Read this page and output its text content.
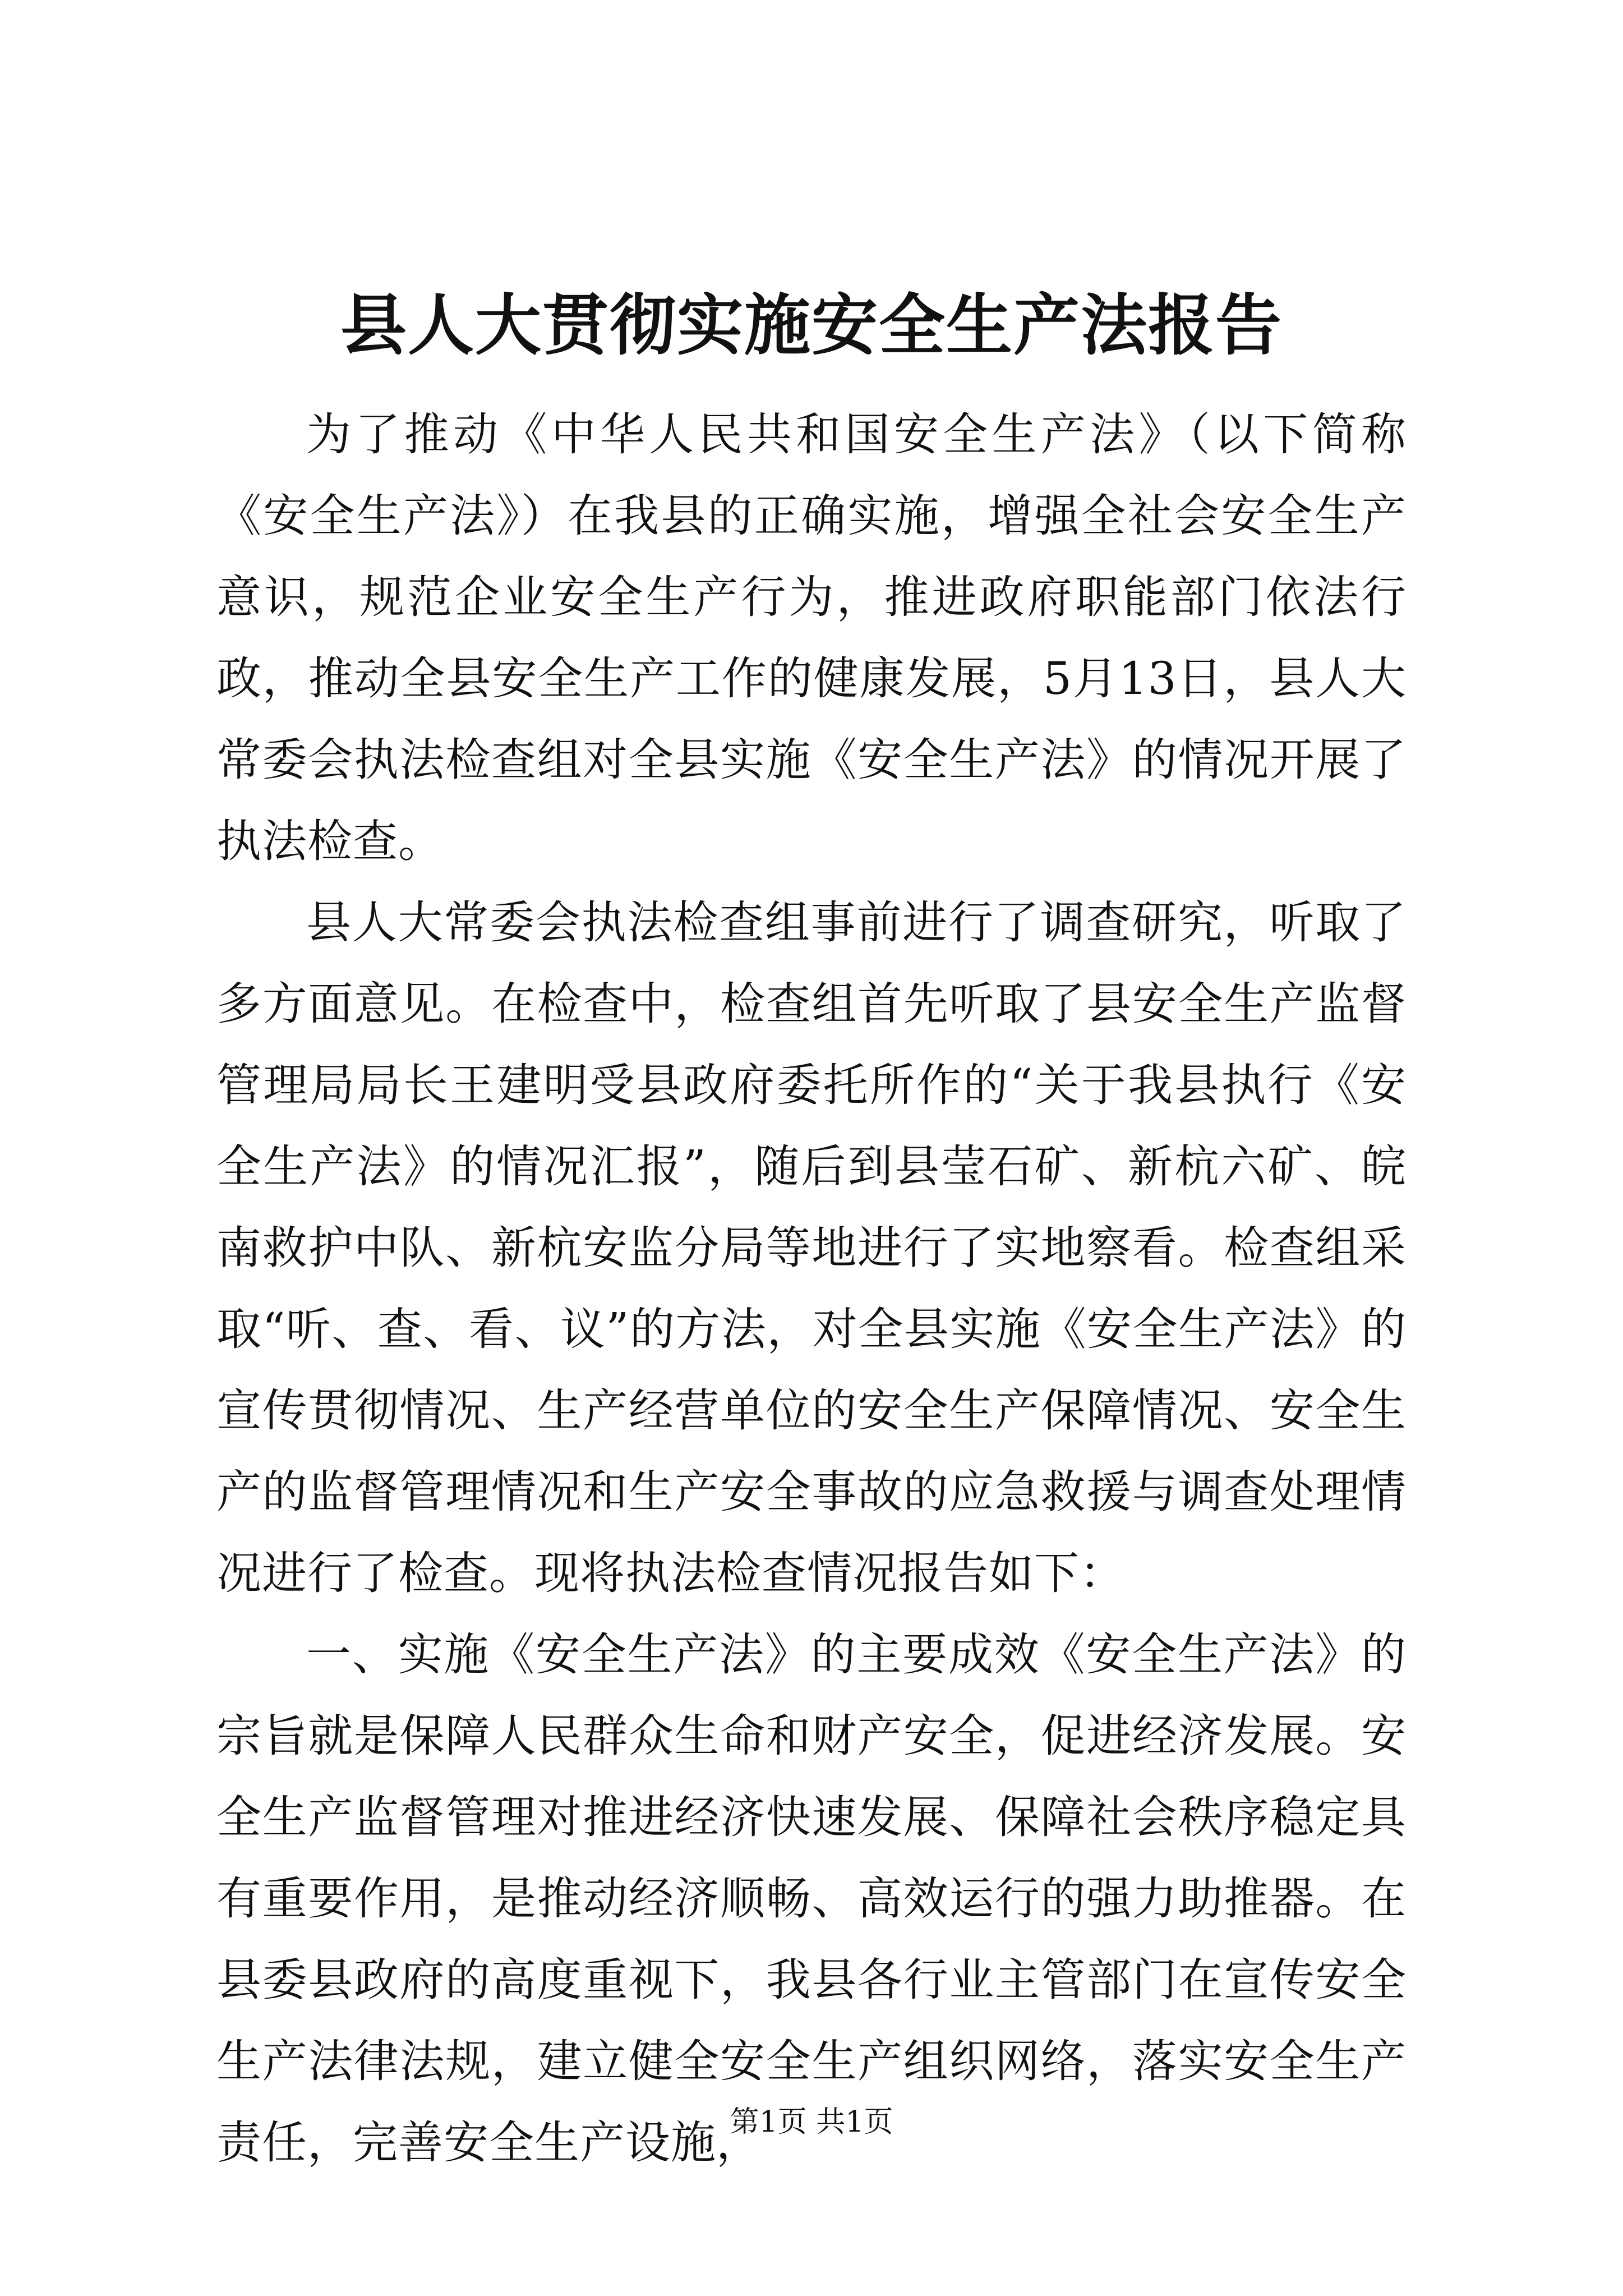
县人大贯彻实施安全生产法报告

为了推动《中华人民共和国安全生产法》（以下简称《安全生产法》）在我县的正确实施，增强全社会安全生产意识，规范企业安全生产行为，推进政府职能部门依法行政，推动全县安全生产工作的健康发展，5月13日，县人大常委会执法检查组对全县实施《安全生产法》的情况开展了执法检查。

县人大常委会执法检查组事前进行了调查研究，听取了多方面意见。在检查中，检查组首先听取了县安全生产监督管理局局长王建明受县政府委托所作的“关于我县执行《安全生产法》的情况汇报”，随后到县莹石矿、新杭六矿、皖南救护中队、新杭安监分局等地进行了实地察看。检查组采取“听、查、看、议”的方法，对全县实施《安全生产法》的宣传贯彻情况、生产经营单位的安全生产保障情况、安全生产的监督管理情况和生产安全事故的应急救援与调查处理情况进行了检查。现将执法检查情况报告如下：

一、实施《安全生产法》的主要成效《安全生产法》的宗旨就是保障人民群众生命和财产安全，促进经济发展。安全生产监督管理对推进经济快速发展、保障社会秩序稳定具有重要作用，是推动经济顺畅、高效运行的强力助推器。在县委县政府的高度重视下，我县各行业主管部门在宣传安全生产法律法规，建立健全安全生产组织网络，落实安全生产责任，完善安全生产设施，

第1页 共1页
